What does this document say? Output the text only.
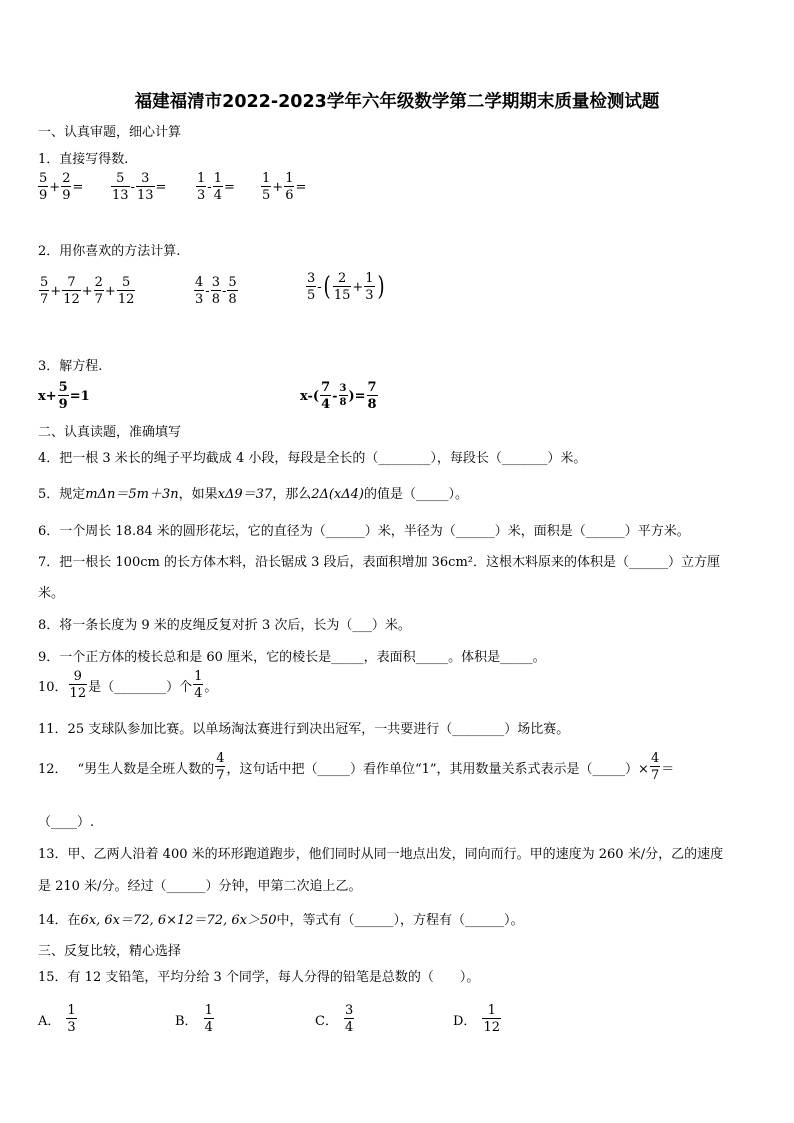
福建福清市2022-2023学年六年级数学第二学期期末质量检测试题
一、认真审题，细心计算
1．直接写得数.
$\frac{5}{9} + \frac{2}{9} = \frac{5}{13} - \frac{3}{13} = \frac{1}{3} - \frac{1}{4} = \frac{1}{5} + \frac{1}{6}$ =
2．用你喜欢的方法计算.
$\frac{5}{7} + \frac{7}{12} + \frac{2}{7} + \frac{5}{12}$	$\frac{4}{3} - \frac{3}{8} - \frac{5}{8}$	$\frac{3}{5}$ - ( $\frac{2}{15} + \frac{1}{3}$ )
3．解方程.
$x+ \frac{5}{9} =1$	$x-( \frac{7}{4} - \frac{3}{8}$ )= $\frac{7}{8}$
二、认真读题，准确填写
4．把一根 3 米长的绳子平均截成 4 小段，每段是全长的（________），每段长（_______）米。
5．规定mΔn＝5m＋3n，如果xΔ9＝37，那么2Δ(xΔ4)的值是（_____）。
6．一个周长 18.84 米的圆形花坛，它的直径为（______）米，半径为（______）米，面积是（______）平方米。
7．把一根长 100cm 的长方体木料，沿长锯成 3 段后，表面积增加 36cm²．这根木料原来的体积是（______）立方厘
米。
8．将一条长度为 9 米的皮绳反复对折 3 次后，长为（___）米。
9．一个正方体的棱长总和是 60 厘米，它的棱长是_____，表面积_____。体积是_____。
10． $\frac{9}{12}$ 是（________）个 $\frac{1}{4}$ 。
11．25 支球队参加比赛。以单场淘汰赛进行到决出冠军，一共要进行（________）场比赛。
12． “男生人数是全班人数的 $\frac{4}{7}$ ，这句话中把（_____）看作单位“1”，其用数量关系式表示是（_____）× $\frac{4}{7}$ ＝
（____）.
13．甲、乙两人沿着 400 米的环形跑道跑步，他们同时从同一地点出发，同向而行。甲的速度为 260 米/分，乙的速度
是 210 米/分。经过（______）分钟，甲第二次追上乙。
14．在6x, 6x＝72, 6×12＝72, 6x＞50中，等式有（______），方程有（______）。
三、反复比较，精心选择
15．有 12 支铅笔，平均分给 3 个同学，每人分得的铅笔是总数的（　　）。
A． $\frac{1}{3}$	B． $\frac{1}{4}$	C． $\frac{3}{4}$	D． $\frac{1}{12}$
